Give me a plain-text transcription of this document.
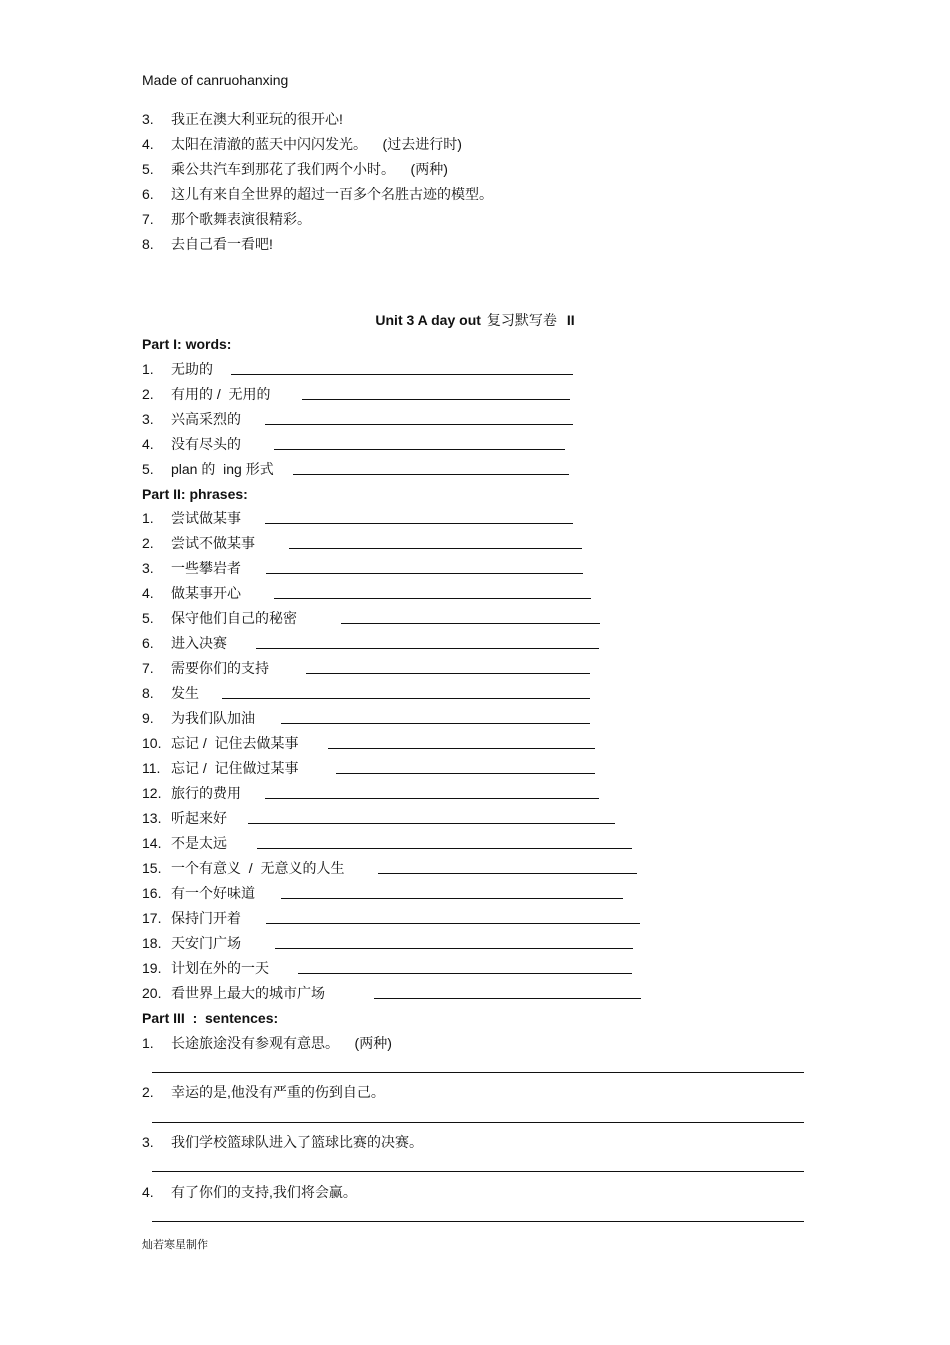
Made of canruohanxing
3. 我正在澳大利亚玩的很开心!
4. 太阳在清澈的蓝天中闪闪发光。    (过去进行时)
5. 乘公共汽车到那花了我们两个小时。    (两种)
6. 这儿有来自全世界的超过一百多个名胜古迹的模型。
7. 那个歌舞表演很精彩。
8. 去自己看一看吧!
Unit 3 A day out 复习默写卷 II
Part I: words:
1. 无助的
2. 有用的 /  无用的
3. 兴高采烈的
4. 没有尽头的
5. plan 的  ing 形式
Part II: phrases:
1. 尝试做某事
2. 尝试不做某事
3. 一些攀岩者
4. 做某事开心
5. 保守他们自己的秘密
6. 进入决赛
7. 需要你们的支持
8. 发生
9. 为我们队加油
10. 忘记 /  记住去做某事
11. 忘记 /  记住做过某事
12. 旅行的费用
13. 听起来好
14. 不是太远
15. 一个有意义  /  无意义的人生
16. 有一个好味道
17. 保持门开着
18. 天安门广场
19. 计划在外的一天
20. 看世界上最大的城市广场
Part III  :  sentences:
1. 长途旅途没有参观有意思。    (两种)
2. 幸运的是,他没有严重的伤到自己。
3. 我们学校篮球队进入了篮球比赛的决赛。
4. 有了你们的支持,我们将会赢。
灿若寒星制作
